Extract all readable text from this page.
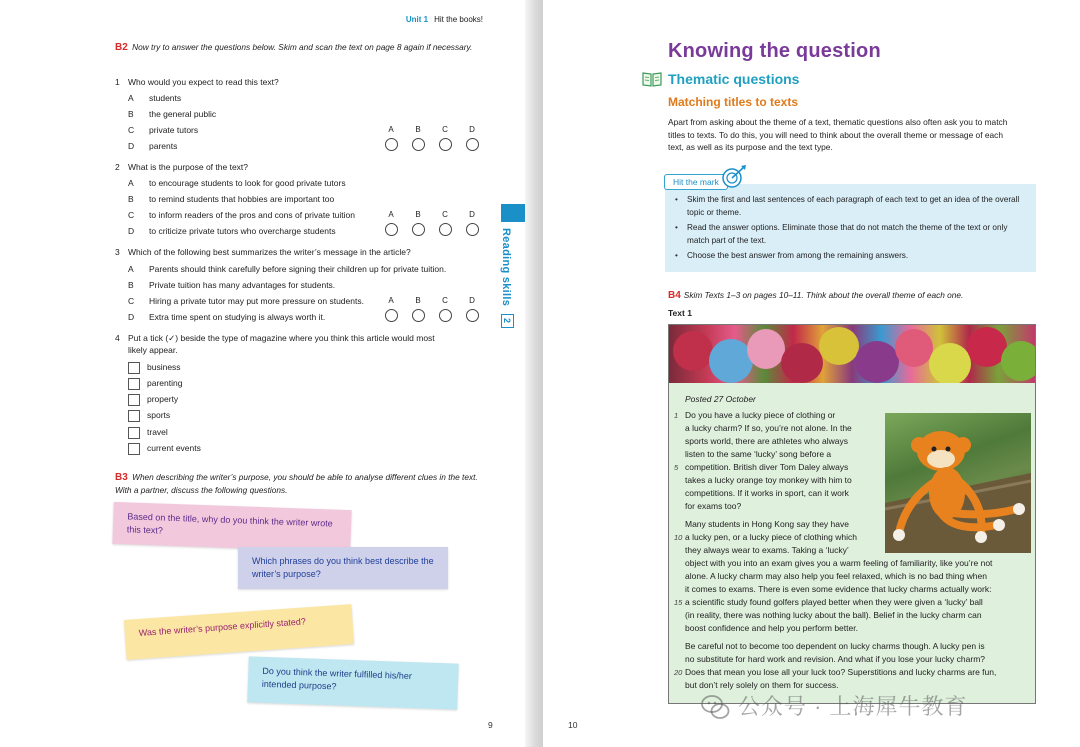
Unit 1 Hit the books!
B2 Now try to answer the questions below. Skim and scan the text on page 8 again if necessary.
1 Who would you expect to read this text?
A students
B the general public
C private tutors
D parents
A	B	C	D
2 What is the purpose of the text?
A to encourage students to look for good private tutors
B to remind students that hobbies are important too
C to inform readers of the pros and cons of private tuition
D to criticize private tutors who overcharge students
A	B	C	D
3 Which of the following best summarizes the writer’s message in the article?
A Parents should think carefully before signing their children up for private tuition.
B Private tuition has many advantages for students.
C Hiring a private tutor may put more pressure on students.
D Extra time spent on studying is always worth it.
A	B	C	D
4 Put a tick (✓) beside the type of magazine where you think this article would most
likely appear.
business
parenting
property
sports
travel
current events
B3 When describing the writer’s purpose, you should be able to analyse different clues in the text. With a partner, discuss the following questions.
Based on the title, why do you think the writer wrote this text?
Which phrases do you think best describe the writer’s purpose?
Was the writer’s purpose explicitly stated?
Do you think the writer fulfilled his/her intended purpose?
9
Reading skills
2
Knowing the question
Thematic questions
Matching titles to texts
Apart from asking about the theme of a text, thematic questions also often ask you to match titles to texts. To do this, you will need to think about the overall theme or message of each text, as well as its purpose and the text type.
• Skim the first and last sentences of each paragraph of each text to get an idea of the overall topic or theme.
• Read the answer options. Eliminate those that do not match the theme of the text or only match part of the text.
• Choose the best answer from among the remaining answers.
Hit the mark
B4 Skim Texts 1–3 on pages 10–11. Think about the overall theme of each one.
Text 1
Posted 27 October
Do you have a lucky piece of clothing or
a lucky charm? If so, you’re not alone. In the
sports world, there are athletes who always
listen to the same ‘lucky’ song before a
competition. British diver Tom Daley always
takes a lucky orange toy monkey with him to
competitions. If it works in sport, can it work
for exams too?
Many students in Hong Kong say they have
a lucky pen, or a lucky piece of clothing which
they always wear to exams. Taking a ‘lucky’
object with you into an exam gives you a warm feeling of familiarity, like you’re not
alone. A lucky charm may also help you feel relaxed, which is no bad thing when
it comes to exams. There is even some evidence that lucky charms actually work:
a scientific study found golfers played better when they were given a ‘lucky’ ball
(in reality, there was nothing lucky about the ball). Belief in the lucky charm can
boost confidence and help you perform better.
Be careful not to become too dependent on lucky charms though. A lucky pen is
no substitute for hard work and revision. And what if you lose your lucky charm?
Does that mean you lose all your luck too? Superstitions and lucky charms are fun,
but don’t rely solely on them for success.
1
5
10
15
20
10
公众号 · 上海犀牛教育
